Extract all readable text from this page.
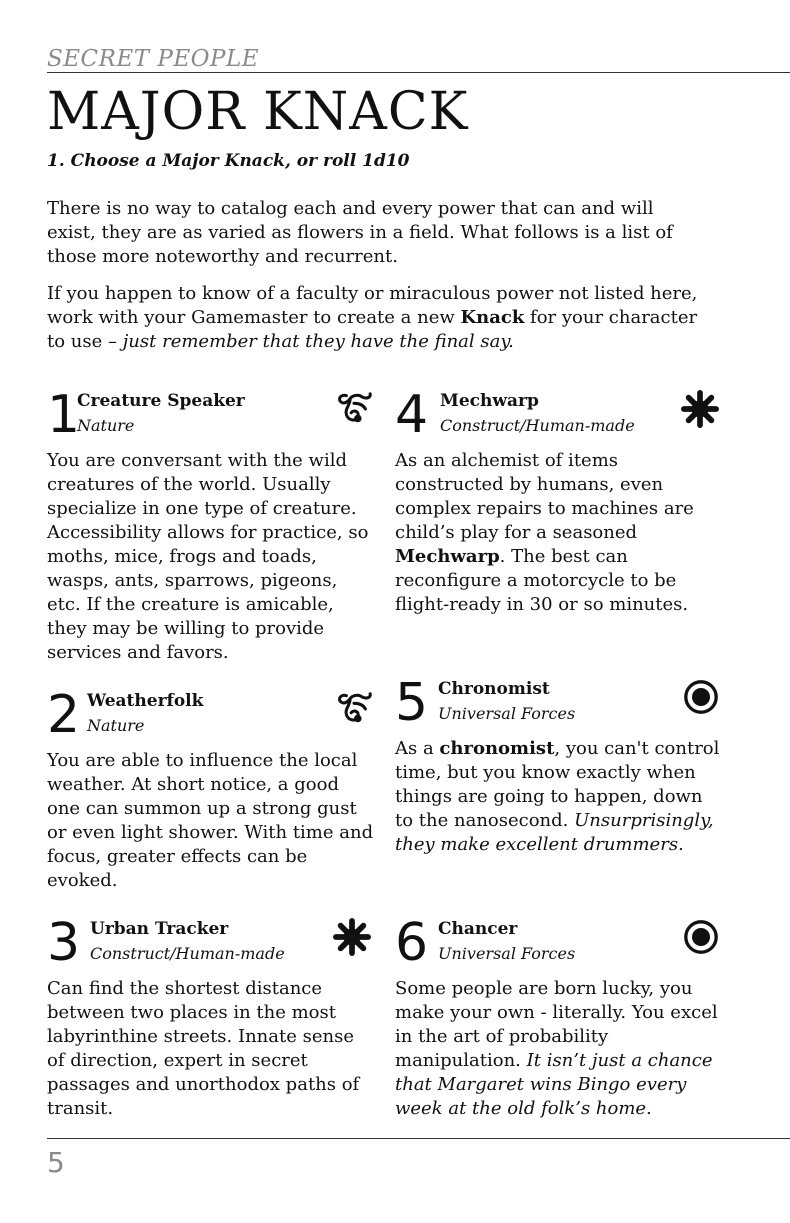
SECRET PEOPLE
MAJOR KNACK
1. Choose a Major Knack, or roll 1d10

There is no way to catalog each and every power that can and will exist, they are as varied as flowers in a field. What follows is a list of those more noteworthy and recurrent.

If you happen to know of a faculty or miraculous power not listed here, work with your Gamemaster to create a new Knack for your character to use – just remember that they have the final say.

1
Creature Speaker
Nature
You are conversant with the wild creatures of the world. Usually specialize in one type of creature. Accessibility allows for practice, so moths, mice, frogs and toads, wasps, ants, sparrows, pigeons, etc. If the creature is amicable, they may be willing to provide services and favors.
2 Weatherfolk
Nature
You are able to influence the local weather. At short notice, a good one can summon up a strong gust or even light shower. With time and focus, greater effects can be evoked.
3 Urban Tracker
Construct/Human-made
Can find the shortest distance between two places in the most labyrinthine streets. Innate sense of direction, expert in secret passages and unorthodox paths of transit.
4 Mechwarp
Construct/Human-made
As an alchemist of items constructed by humans, even complex repairs to machines are child’s play for a seasoned Mechwarp. The best can reconfigure a motorcycle to be flight-ready in 30 or so minutes.
5 Chronomist
Universal Forces
As a chronomist, you can't control time, but you know exactly when things are going to happen, down to the nanosecond. Unsurprisingly, they make excellent drummers.
6 Chancer
Universal Forces
Some people are born lucky, you make your own - literally. You excel in the art of probability manipulation. It isn’t just a chance that Margaret wins Bingo every week at the old folk’s home.
5
